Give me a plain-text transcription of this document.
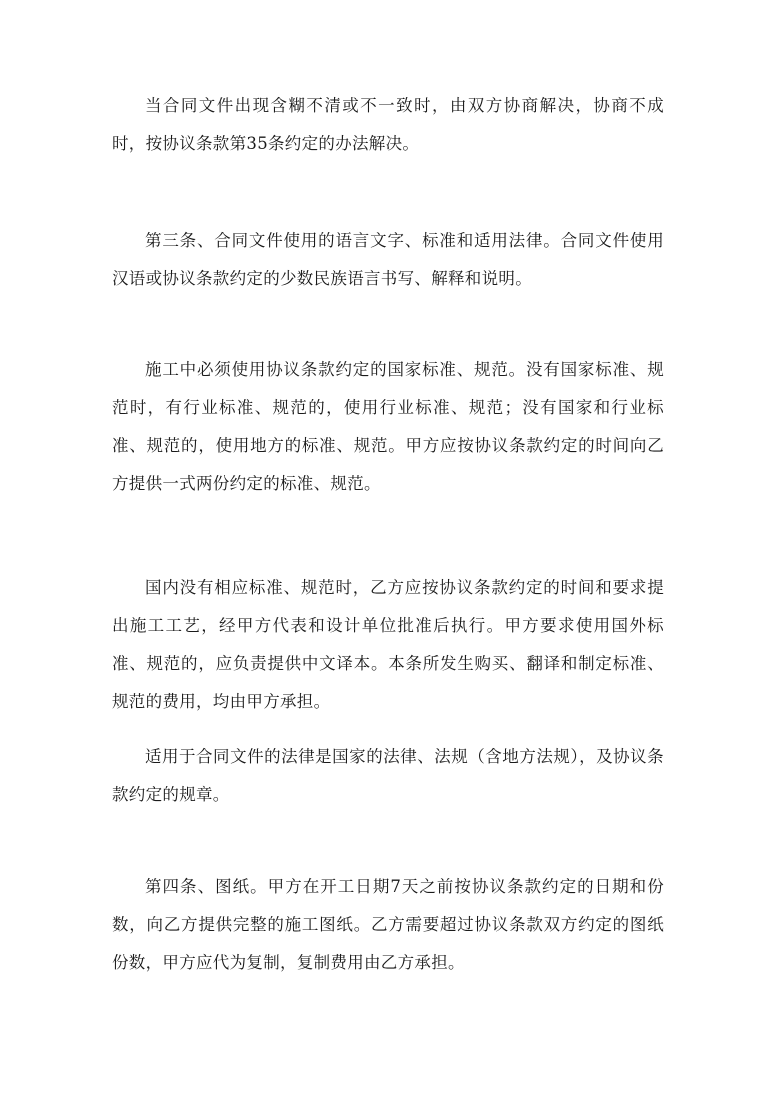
当合同文件出现含糊不清或不一致时，由双方协商解决，协商不成时，按协议条款第35条约定的办法解决。

第三条、合同文件使用的语言文字、标准和适用法律。合同文件使用汉语或协议条款约定的少数民族语言书写、解释和说明。

施工中必须使用协议条款约定的国家标准、规范。没有国家标准、规范时，有行业标准、规范的，使用行业标准、规范；没有国家和行业标准、规范的，使用地方的标准、规范。甲方应按协议条款约定的时间向乙方提供一式两份约定的标准、规范。

国内没有相应标准、规范时，乙方应按协议条款约定的时间和要求提出施工工艺，经甲方代表和设计单位批准后执行。甲方要求使用国外标准、规范的，应负责提供中文译本。本条所发生购买、翻译和制定标准、规范的费用，均由甲方承担。

适用于合同文件的法律是国家的法律、法规（含地方法规），及协议条款约定的规章。

第四条、图纸。甲方在开工日期7天之前按协议条款约定的日期和份数，向乙方提供完整的施工图纸。乙方需要超过协议条款双方约定的图纸份数，甲方应代为复制，复制费用由乙方承担。
